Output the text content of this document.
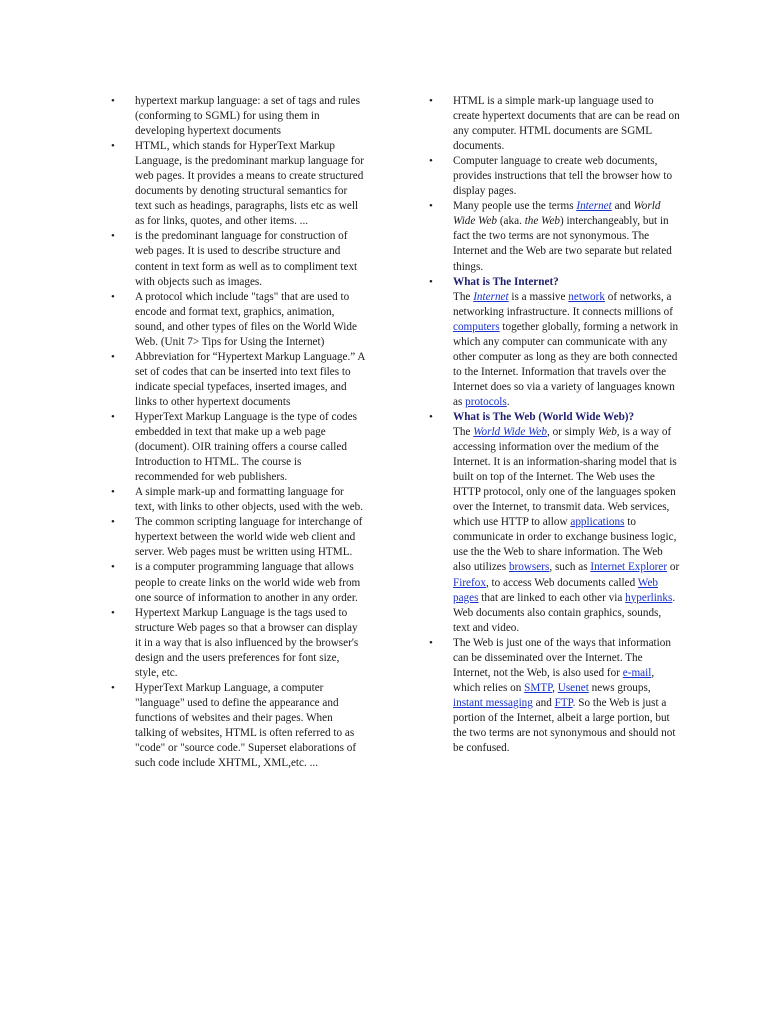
• hypertext markup language: a set of tags and rules (conforming to SGML) for using them in developing hypertext documents
• HTML, which stands for HyperText Markup Language, is the predominant markup language for web pages. It provides a means to create structured documents by denoting structural semantics for text such as headings, paragraphs, lists etc as well as for links, quotes, and other items. ...
• is the predominant language for construction of web pages. It is used to describe structure and content in text form as well as to compliment text with objects such as images.
• A protocol which include "tags" that are used to encode and format text, graphics, animation, sound, and other types of files on the World Wide Web. (Unit 7> Tips for Using the Internet)
• Abbreviation for “Hypertext Markup Language.” A set of codes that can be inserted into text files to indicate special typefaces, inserted images, and links to other hypertext documents
• HyperText Markup Language is the type of codes embedded in text that make up a web page (document). OIR training offers a course called Introduction to HTML. The course is recommended for web publishers.
• A simple mark-up and formatting language for text, with links to other objects, used with the web.
• The common scripting language for interchange of hypertext between the world wide web client and server. Web pages must be written using HTML.
• is a computer programming language that allows people to create links on the world wide web from one source of information to another in any order.
• Hypertext Markup Language is the tags used to structure Web pages so that a browser can display it in a way that is also influenced by the browser's design and the users preferences for font size, style, etc.
• HyperText Markup Language, a computer "language" used to define the appearance and functions of websites and their pages. When talking of websites, HTML is often referred to as "code" or "source code." Superset elaborations of such code include XHTML, XML,etc. ...
• HTML is a simple mark-up language used to create hypertext documents that are can be read on any computer. HTML documents are SGML documents.
• Computer language to create web documents, provides instructions that tell the browser how to display pages.
• Many people use the terms Internet and World Wide Web (aka. the Web) interchangeably, but in fact the two terms are not synonymous. The Internet and the Web are two separate but related things.
• What is The Internet?
The Internet is a massive network of networks, a networking infrastructure. It connects millions of computers together globally, forming a network in which any computer can communicate with any other computer as long as they are both connected to the Internet. Information that travels over the Internet does so via a variety of languages known as protocols.
• What is The Web (World Wide Web)?
The World Wide Web, or simply Web, is a way of accessing information over the medium of the Internet. It is an information-sharing model that is built on top of the Internet. The Web uses the HTTP protocol, only one of the languages spoken over the Internet, to transmit data. Web services, which use HTTP to allow applications to communicate in order to exchange business logic, use the the Web to share information. The Web also utilizes browsers, such as Internet Explorer or Firefox, to access Web documents called Web pages that are linked to each other via hyperlinks. Web documents also contain graphics, sounds, text and video.
• The Web is just one of the ways that information can be disseminated over the Internet. The Internet, not the Web, is also used for e-mail, which relies on SMTP, Usenet news groups, instant messaging and FTP. So the Web is just a portion of the Internet, albeit a large portion, but the two terms are not synonymous and should not be confused.
